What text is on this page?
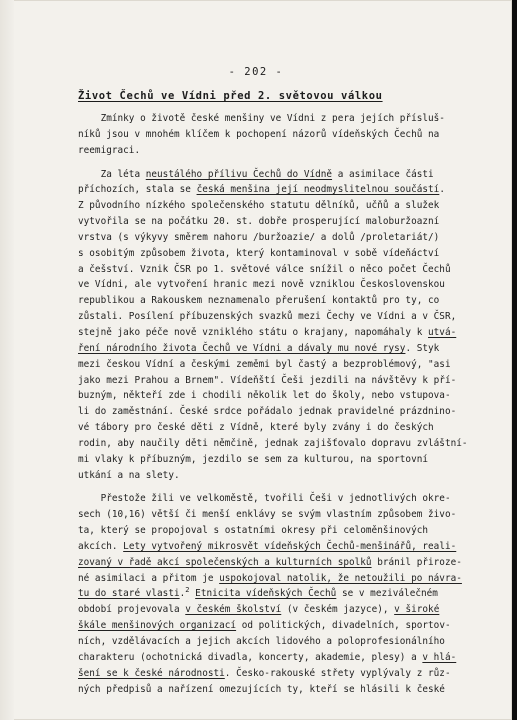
- 202 -
Život Čechů ve Vídni před 2. světovou válkou

Zmínky o životě české menšiny ve Vídni z pera jejích přísluš-
níků jsou v mnohém klíčem k pochopení názorů vídeňských Čechů na
reemigraci.

Za léta neustálého přílivu Čechů do Vídně a asimilace části
příchozích, stala se česká menšina její neodmyslitelnou součástí.
Z původního nízkého společenského statutu dělníků, učňů a služek
vytvořila se na počátku 20. st. dobře prosperující maloburžoazní
vrstva (s výkyvy směrem nahoru /buržoazie/ a dolů /proletariát/)
s osobitým způsobem života, který kontaminoval v sobě vídeňáctví
a češství. Vznik ČSR po 1. světové válce snížil o něco počet Čechů
ve Vídni, ale vytvoření hranic mezi nově vzniklou Československou
republikou a Rakouskem neznamenalo přerušení kontaktů pro ty, co
zůstali. Posílení příbuzenských svazků mezi Čechy ve Vídni a v ČSR,
stejně jako péče nově vzniklého státu o krajany, napomáhaly k utvá-
ření národního života Čechů ve Vídni a dávaly mu nové rysy. Styk
mezi českou Vídní a českými zeměmi byl častý a bezproblémový, "asi
jako mezi Prahou a Brnem". Vídeňští Češi jezdili na návštěvy k pří-
buzným, někteří zde i chodili několik let do školy, nebo vstupova-
li do zaměstnání. České srdce pořádalo jednak pravidelné prázdnino-
vé tábory pro české děti z Vídně, které byly zvány i do českých
rodin, aby naučily děti němčině, jednak zajišťovalo dopravu zvláštní-
mi vlaky k příbuzným, jezdilo se sem za kulturou, na sportovní
utkání a na slety.

Přestože žili ve velkoměstě, tvořili Češi v jednotlivých okre-
sech (10,16) větší či menší enklávy se svým vlastním způsobem živo-
ta, který se propojoval s ostatními okresy při celoměnšinových
akcích. Lety vytvořený mikrosvět vídeňských Čechů-menšinářů, reali-
zovaný v řadě akcí společenských a kulturních spolků bránil přiroze-
né asimilaci a přitom je uspokojoval natolik, že netoužili po návra-
tu do staré vlasti.$^2$ Etnicita vídeňských Čechů se v meziválečném
období projevovala v českém školství (v českém jazyce), v široké
škále menšinových organizací od politických, divadelních, sportov-
ních, vzdělávacích a jejich akcích lidového a poloprofesionálního
charakteru (ochotnická divadla, koncerty, akademie, plesy) a v hlá-
šení se k české národnosti. Česko-rakouské střety vyplývaly z růz-
ných předpisů a nařízení omezujících ty, kteří se hlásili k české
